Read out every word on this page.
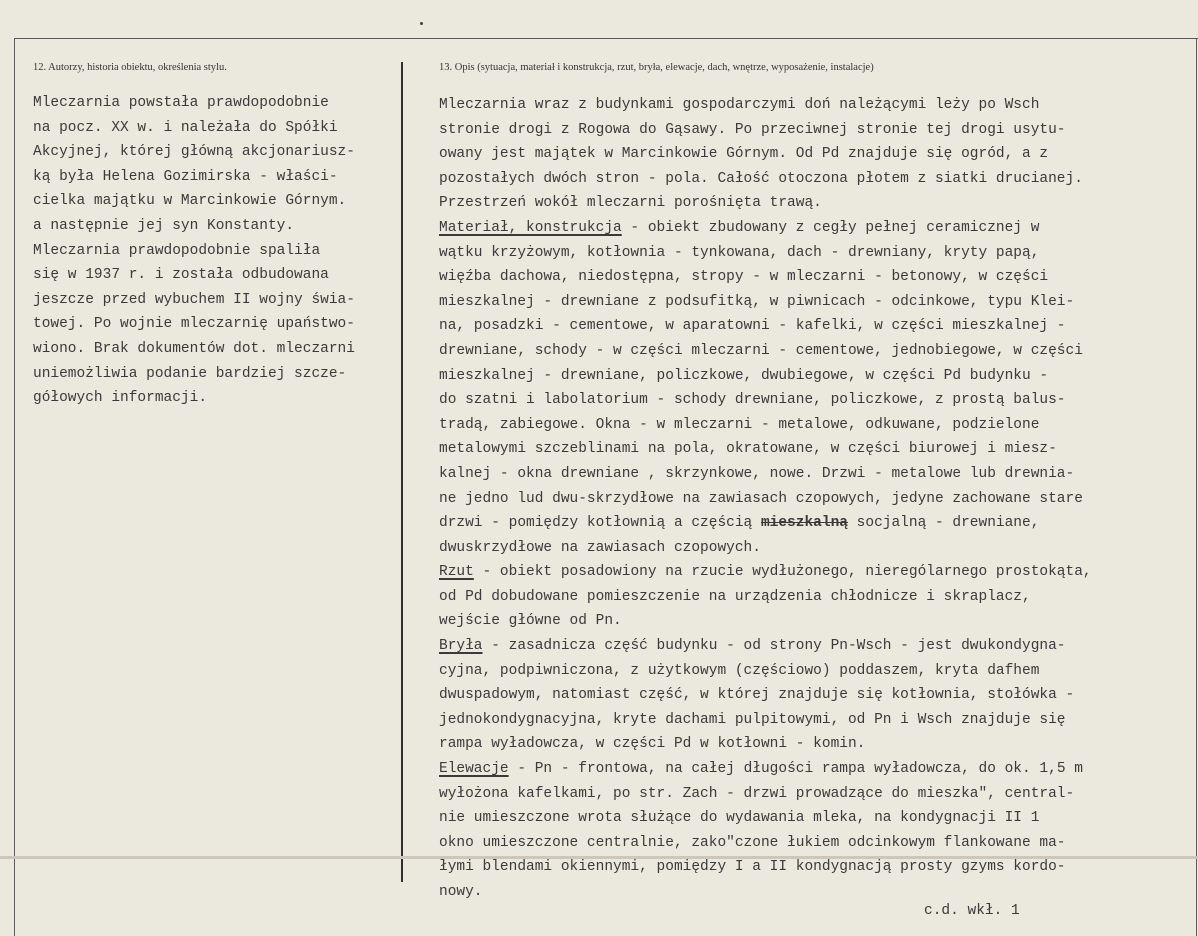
12. Autorzy, historia obiektu, określenia stylu.	13. Opis (sytuacja, materiał i konstrukcja, rzut, bryła, elewacje, dach, wnętrze, wyposażenie, instalacje)
Mleczarnia powstała prawdopodobnie
na pocz. XX w. i należała do Spółki
Akcyjnej, której główną akcjonariusz-
ką była Helena Gozimirska - właści-
cielka majątku w Marcinkowie Górnym.
a następnie jej syn Konstanty.
Mleczarnia prawdopodobnie spaliła
się w 1937 r. i została odbudowana
jeszcze przed wybuchem II wojny świa-
towej. Po wojnie mleczarnię upaństwo-
wiono. Brak dokumentów dot. mleczarni
uniemożliwia podanie bardziej szcze-
gółowych informacji.
Mleczarnia wraz z budynkami gospodarczymi doń należącymi leży po Wsch
stronie drogi z Rogowa do Gąsawy. Po przeciwnej stronie tej drogi usytu-
owany jest majątek w Marcinkowie Górnym. Od Pd znajduje się ogród, a z
pozostałych dwóch stron - pola. Całość otoczona płotem z siatki drucianej.
Przestrzeń wokół mleczarni porośnięta trawą.
Materiał, konstrukcja - obiekt zbudowany z cegły pełnej ceramicznej w
wątku krzyżowym, kotłownia - tynkowana, dach - drewniany, kryty papą,
więźba dachowa, niedostępna, stropy - w mleczarni - betonowy, w części
mieszkalnej - drewniane z podsufitką, w piwnicach - odcinkowe, typu Klei-
na, posadzki - cementowe, w aparatowni - kafelki, w części mieszkalnej -
drewniane, schody - w części mleczarni - cementowe, jednobiegowe, w części
mieszkalnej - drewniane, policzkowe, dwubiegowe, w części Pd budynku -
do szatni i labolatorium - schody drewniane, policzkowe, z prostą balus-
tradą, zabiegowe. Okna - w mleczarni - metalowe, odkuwane, podzielone
metalowymi szczeblinami na pola, okratowane, w części biurowej i miesz-
kalnej - okna drewniane , skrzynkowe, nowe. Drzwi - metalowe lub drewnia-
ne jedno lud dwu-skrzydłowe na zawiasach czopowych, jedyne zachowane stare
drzwi - pomiędzy kotłownią a częścią mieszkalną socjalną - drewniane,
dwuskrzydłowe na zawiasach czopowych.
Rzut - obiekt posadowiony na rzucie wydłużonego, nierególarnego prostokąta,
od Pd dobudowane pomieszczenie na urządzenia chłodnicze i skraplacz,
wejście główne od Pn.
Bryła - zasadnicza część budynku - od strony Pn-Wsch - jest dwukondygna-
cyjna, podpiwniczona, z użytkowym (częściowo) poddaszem, kryta dafhem
dwuspadowym, natomiast część, w której znajduje się kotłownia, stołówka -
jednokondygnacyjna, kryte dachami pulpitowymi, od Pn i Wsch znajduje się
rampa wyładowcza, w części Pd w kotłowni - komin.
Elewacje - Pn - frontowa, na całej długości rampa wyładowcza, do ok. 1,5 m
wyłożona kafelkami, po str. Zach - drzwi prowadzące do mieszka", central-
nie umieszczone wrota służące do wydawania mleka, na kondygnacji II 1
okno umieszczone centralnie, zako"czone łukiem odcinkowym flankowane ma-
łymi blendami okiennymi, pomiędzy I a II kondygnacją prosty gzyms kordo-
nowy.
c.d. wkł. 1
